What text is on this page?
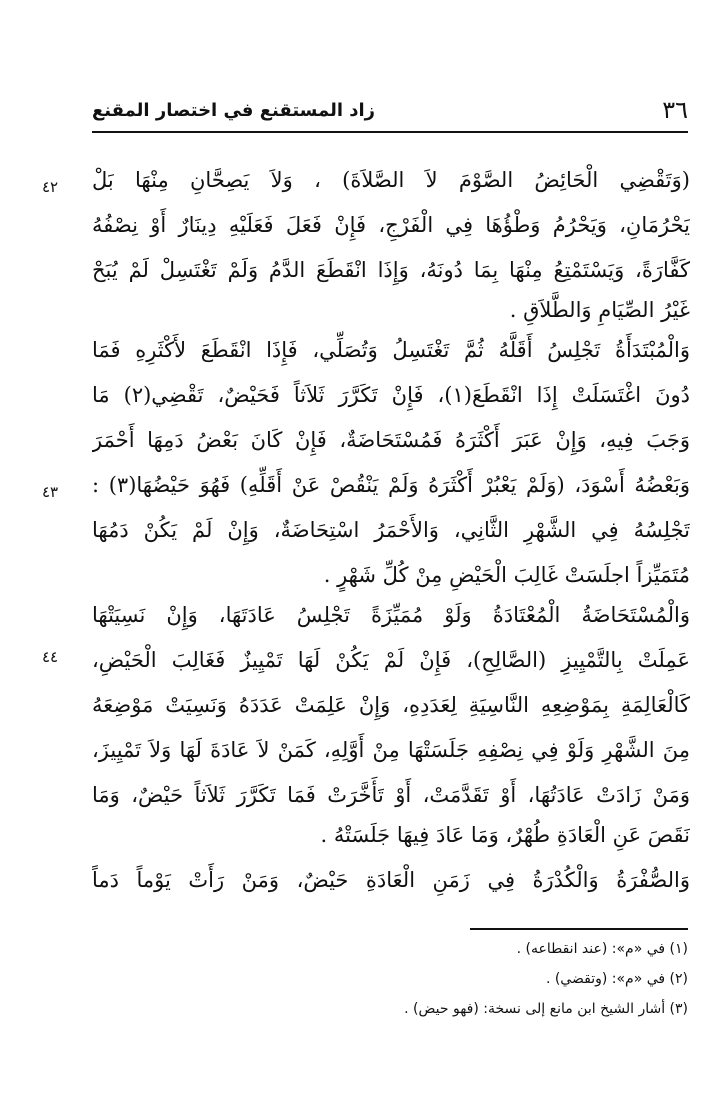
٣٦
زاد المستقنع في اختصار المقنع
٤٢
٤٣
٤٤
(وَتَقْضِي الْحَائِضُ الصَّوْمَ لاَ الصَّلاَةَ) ، وَلاَ يَصِحَّانِ مِنْهَا بَلْ
يَحْرُمَانِ، وَيَحْرُمُ وَطْؤُهَا فِي الْفَرْجِ، فَإِنْ فَعَلَ فَعَلَيْهِ دِينَارٌ أَوْ نِصْفُهُ
كَفَّارَةً، وَيَسْتَمْتِعُ مِنْهَا بِمَا دُونَهُ، وَإِذَا انْقَطَعَ الدَّمُ وَلَمْ تَغْتَسِلْ لَمْ يُبَحْ
غَيْرُ الصِّيَامِ وَالطَّلاَقِ .
وَالْمُبْتَدَأَةُ تَجْلِسُ أَقَلَّهُ ثُمَّ تَغْتَسِلُ وَتُصَلِّي، فَإِذَا انْقَطَعَ لأَكْثَرِهِ فَمَا
دُونَ اغْتَسَلَتْ إِذَا انْقَطَعَ(١)، فَإِنْ تَكَرَّرَ ثَلاَثاً فَحَيْضٌ، تَقْضِي(٢) مَا
وَجَبَ فِيهِ، وَإِنْ عَبَرَ أَكْثَرَهُ فَمُسْتَحَاضَةٌ، فَإِنْ كَانَ بَعْضُ دَمِهَا أَحْمَرَ
وَبَعْضُهُ أَسْوَدَ، (وَلَمْ يَعْبُرْ أَكْثَرَهُ وَلَمْ يَنْقُصْ عَنْ أَقَلِّهِ) فَهُوَ حَيْضُهَا(٣) :
تَجْلِسُهُ فِي الشَّهْرِ الثَّانِي، وَالأَحْمَرُ اسْتِحَاضَةٌ، وَإِنْ لَمْ يَكُنْ دَمُهَا
مُتَمَيِّزاً اجلَسَتْ غَالِبَ الْحَيْضِ مِنْ كُلِّ شَهْرٍ .
وَالْمُسْتَحَاضَةُ الْمُعْتَادَةُ وَلَوْ مُمَيِّزَةً تَجْلِسُ عَادَتَهَا، وَإِنْ نَسِيَتْهَا
عَمِلَتْ بِالتَّمْيِيزِ (الصَّالِحِ)، فَإِنْ لَمْ يَكُنْ لَهَا تَمْيِيزٌ فَغَالِبَ الْحَيْضِ،
كَالْعَالِمَةِ بِمَوْضِعِهِ النَّاسِيَةِ لِعَدَدِهِ، وَإِنْ عَلِمَتْ عَدَدَهُ وَنَسِيَتْ مَوْضِعَهُ
مِنَ الشَّهْرِ وَلَوْ فِي نِصْفِهِ جَلَسَتْهَا مِنْ أَوَّلِهِ، كَمَنْ لاَ عَادَةَ لَهَا وَلاَ تَمْيِيزَ،
وَمَنْ زَادَتْ عَادَتُهَا، أَوْ تَقَدَّمَتْ، أَوْ تَأَخَّرَتْ فَمَا تَكَرَّرَ ثَلاَثاً حَيْضٌ، وَمَا
نَقَصَ عَنِ الْعَادَةِ طُهْرٌ، وَمَا عَادَ فِيهَا جَلَسَتْهُ .
وَالصُّفْرَةُ وَالْكُدْرَةُ فِي زَمَنِ الْعَادَةِ حَيْضٌ، وَمَنْ رَأَتْ يَوْماً دَماً
(١) في «م»: (عند انقطاعه) .
(٢) في «م»: (وتقضي) .
(٣) أشار الشيخ ابن مانع إلى نسخة: (فهو حيض) .
